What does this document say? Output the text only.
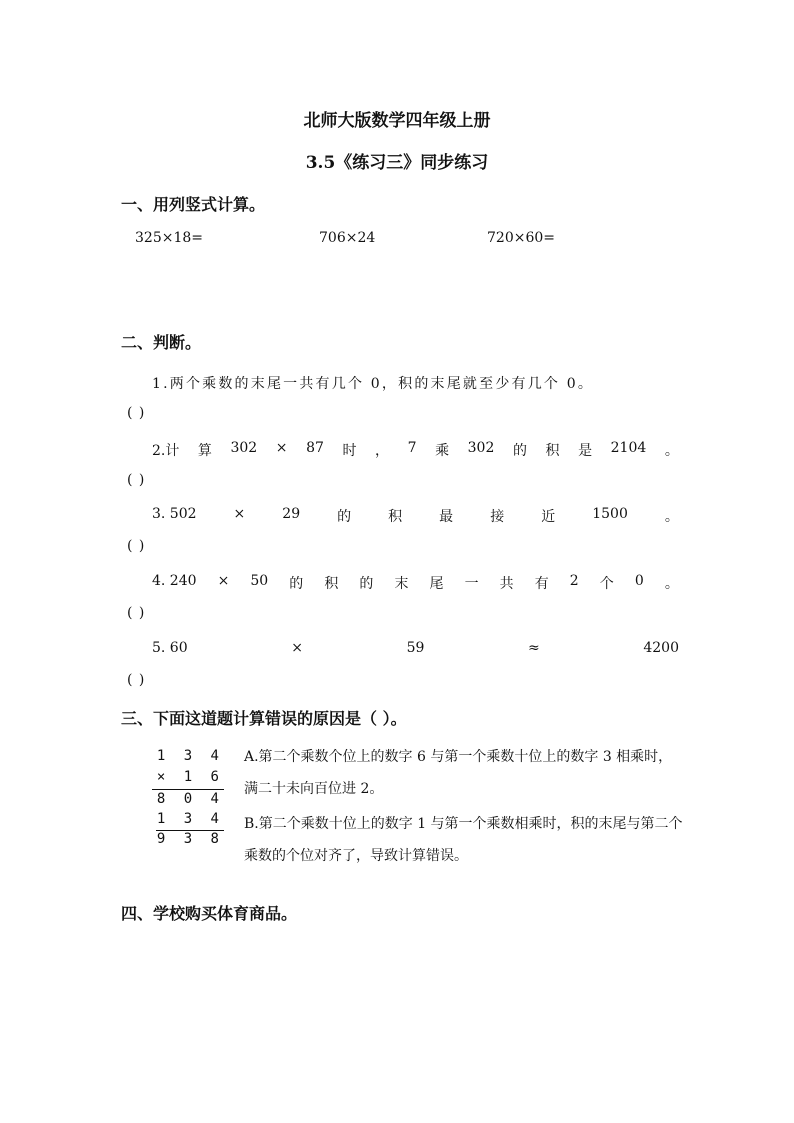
北师大版数学四年级上册
3.5《练习三》同步练习
一、用列竖式计算。
325×18=	706×24	720×60=
二、判断。
1.两个乘数的末尾一共有几个 0，积的末尾就至少有几个 0。
( )
2.计 算 302 × 87 时 ， 7 乘 302 的 积 是 2104 。
( )
3. 502	×	29	的	积	最	接	近	1500	。
( )
4. 240 × 50 的 积 的 末 尾 一 共 有 2 个 0 。
( )
5. 60	×	59	≈	4200
( )
三、下面这道题计算错误的原因是（ ）。
1 3 4
× 1 6
8 0 4
1 3 4
9 3 8
A.第二个乘数个位上的数字 6 与第一个乘数十位上的数字 3 相乘时，满二十未向百位进 2。
B.第二个乘数十位上的数字 1 与第一个乘数相乘时，积的末尾与第二个乘数的个位对齐了，导致计算错误。
四、学校购买体育商品。
